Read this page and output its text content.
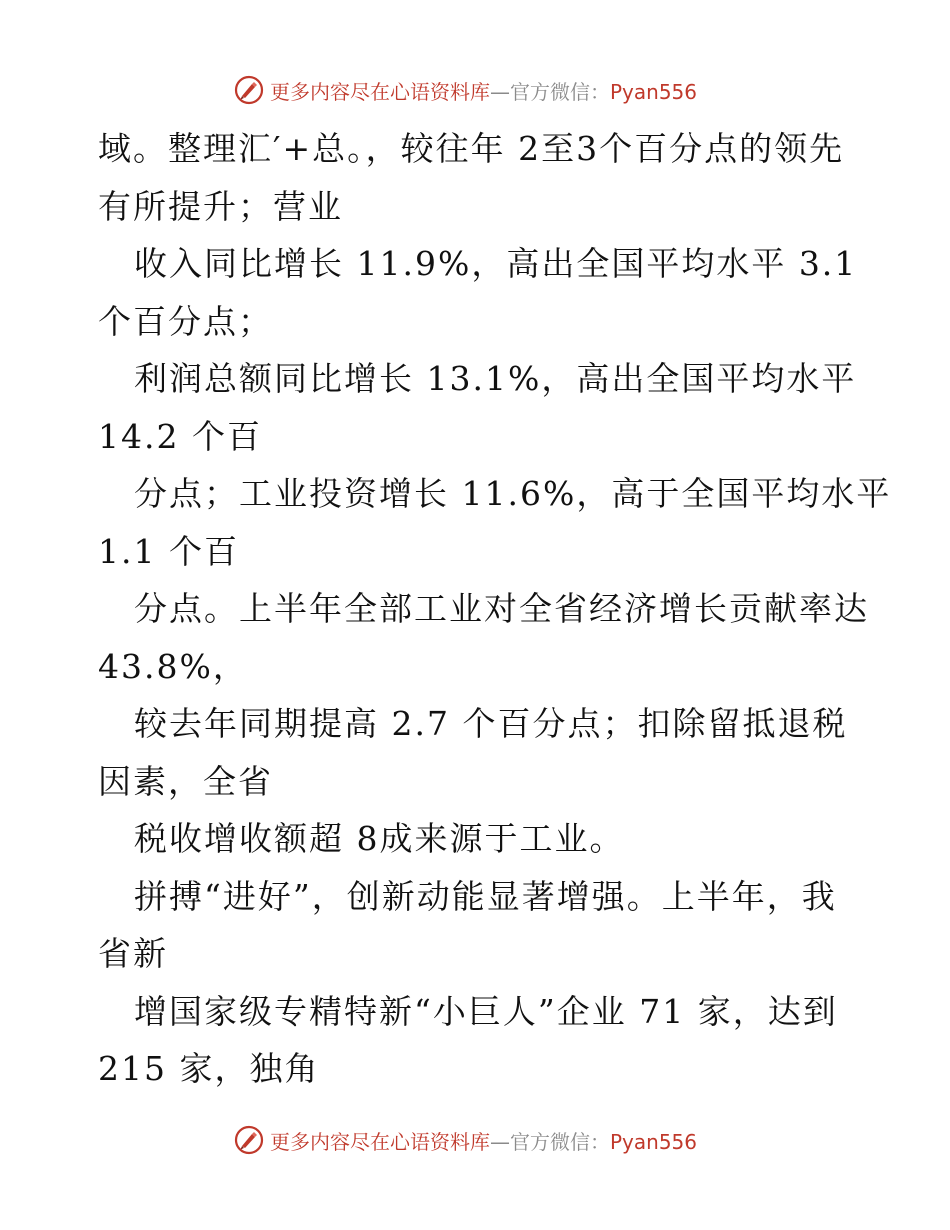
更多内容尽在心语资料库—官方微信：Pyan556
域。整理汇′+总。，较往年 2至3个百分点的领先
有所提升；营业
收入同比增长 11.9%，高出全国平均水平 3.1
个百分点；
利润总额同比增长 13.1%，高出全国平均水平
14.2 个百
分点；工业投资增长 11.6%，高于全国平均水平
1.1 个百
分点。上半年全部工业对全省经济增长贡献率达
43.8%，
较去年同期提高 2.7 个百分点；扣除留抵退税
因素，全省
税收增收额超 8成来源于工业。
拼搏“进好”，创新动能显著增强。上半年，我
省新
增国家级专精特新“小巨人”企业 71 家，达到
215 家，独角
更多内容尽在心语资料库—官方微信：Pyan556
